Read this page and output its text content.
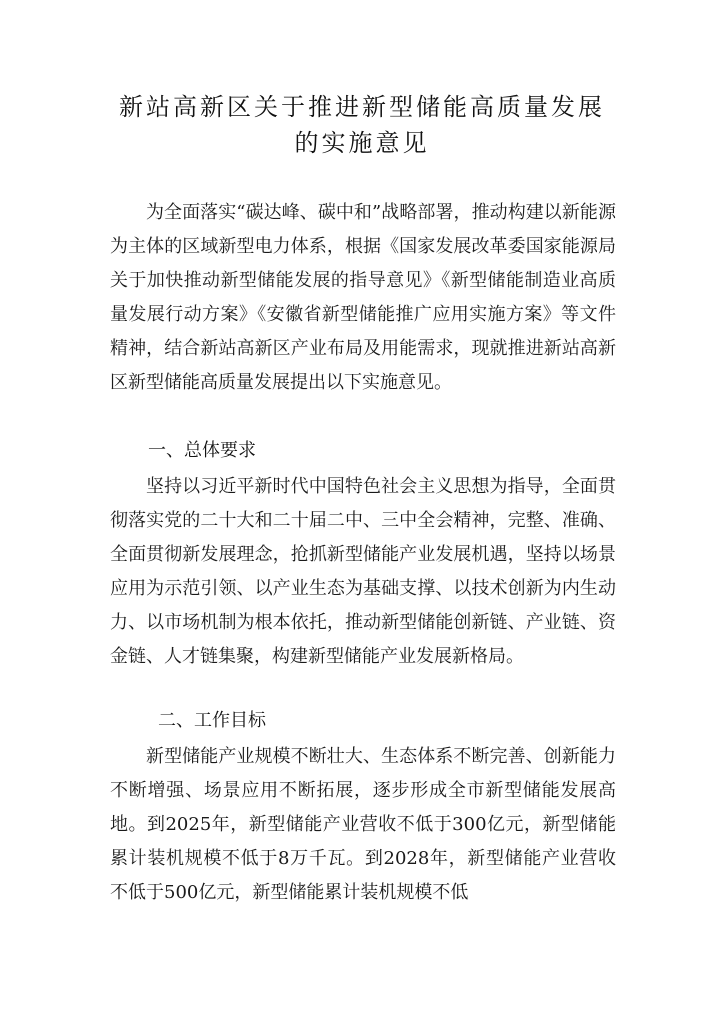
新站高新区关于推进新型储能高质量发展
的实施意见
为全面落实“碳达峰、碳中和”战略部署，推动构建以新能源为主体的区域新型电力体系，根据《国家发展改革委国家能源局关于加快推动新型储能发展的指导意见》《新型储能制造业高质量发展行动方案》《安徽省新型储能推广应用实施方案》等文件精神，结合新站高新区产业布局及用能需求，现就推进新站高新区新型储能高质量发展提出以下实施意见。
一、总体要求
坚持以习近平新时代中国特色社会主义思想为指导，全面贯彻落实党的二十大和二十届二中、三中全会精神，完整、准确、全面贯彻新发展理念，抢抓新型储能产业发展机遇，坚持以场景应用为示范引领、以产业生态为基础支撑、以技术创新为内生动力、以市场机制为根本依托，推动新型储能创新链、产业链、资金链、人才链集聚，构建新型储能产业发展新格局。
二、工作目标
新型储能产业规模不断壮大、生态体系不断完善、创新能力不断增强、场景应用不断拓展，逐步形成全市新型储能发展高地。到2025年，新型储能产业营收不低于300亿元，新型储能累计装机规模不低于8万千瓦。到2028年，新型储能产业营收不低于500亿元，新型储能累计装机规模不低
